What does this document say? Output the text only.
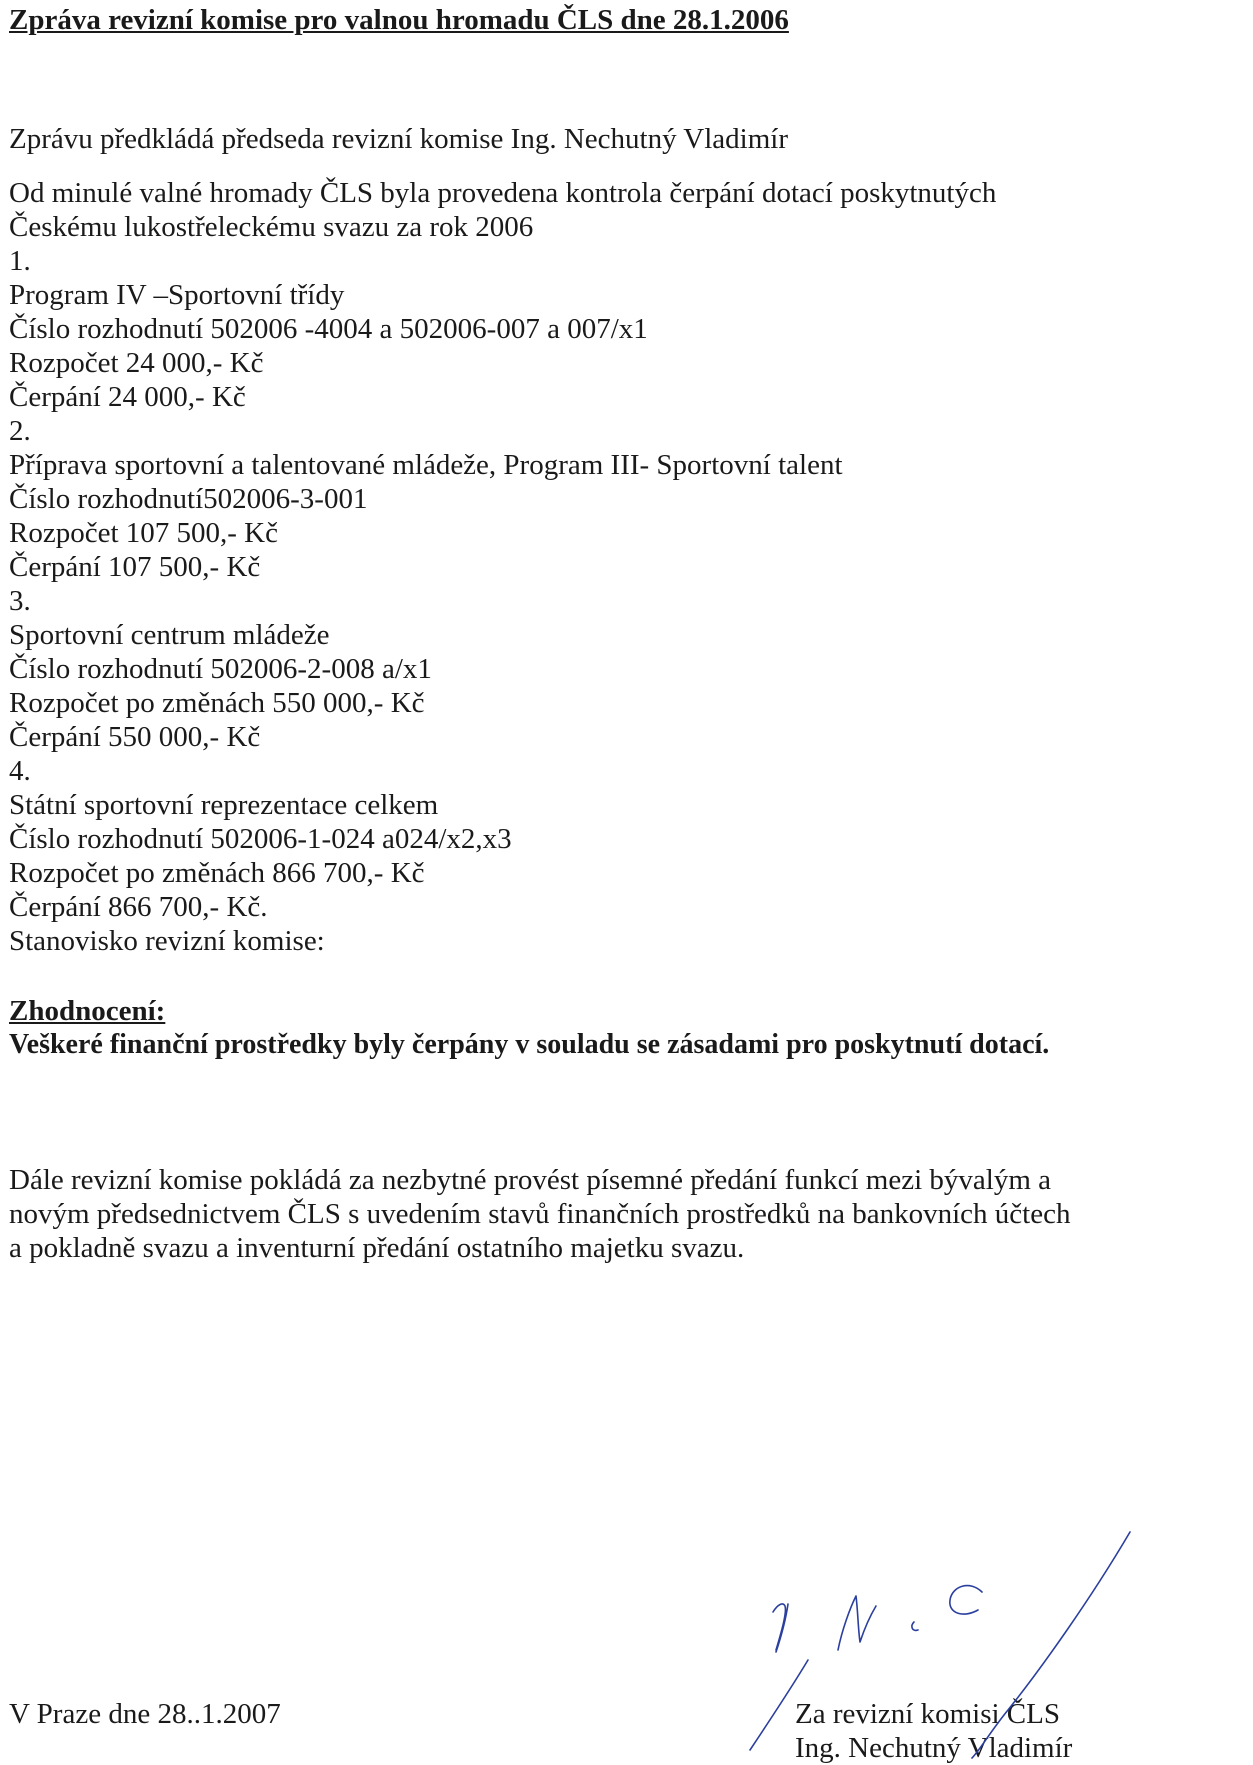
Zpráva revizní komise pro valnou hromadu ČLS dne 28.1.2006
Zprávu předkládá předseda revizní komise Ing. Nechutný Vladimír
Od minulé valné hromady ČLS byla provedena kontrola čerpání dotací poskytnutých
Českému lukostřeleckému svazu za rok 2006
1.
Program IV –Sportovní třídy
Číslo rozhodnutí 502006 -4004 a 502006-007 a 007/x1
Rozpočet 24 000,- Kč
Čerpání 24 000,- Kč
2.
Příprava sportovní a talentované mládeže, Program III- Sportovní talent
Číslo rozhodnutí502006-3-001
Rozpočet 107 500,- Kč
Čerpání 107 500,- Kč
3.
Sportovní centrum mládeže
Číslo rozhodnutí 502006-2-008 a/x1
Rozpočet po změnách 550 000,- Kč
Čerpání 550 000,- Kč
4.
Státní sportovní reprezentace celkem
Číslo rozhodnutí 502006-1-024 a024/x2,x3
Rozpočet po změnách 866 700,- Kč
Čerpání 866 700,- Kč.
Stanovisko revizní komise:
Zhodnocení:
Veškeré finanční prostředky byly čerpány v souladu se zásadami pro poskytnutí dotací.
Dále revizní komise pokládá za nezbytné provést písemné předání funkcí mezi bývalým a
novým předsednictvem ČLS s uvedením stavů finančních prostředků na bankovních účtech
a pokladně svazu a inventurní předání ostatního majetku svazu.
V Praze dne 28..1.2007	Za revizní komisi ČLS
Ing. Nechutný Vladimír
